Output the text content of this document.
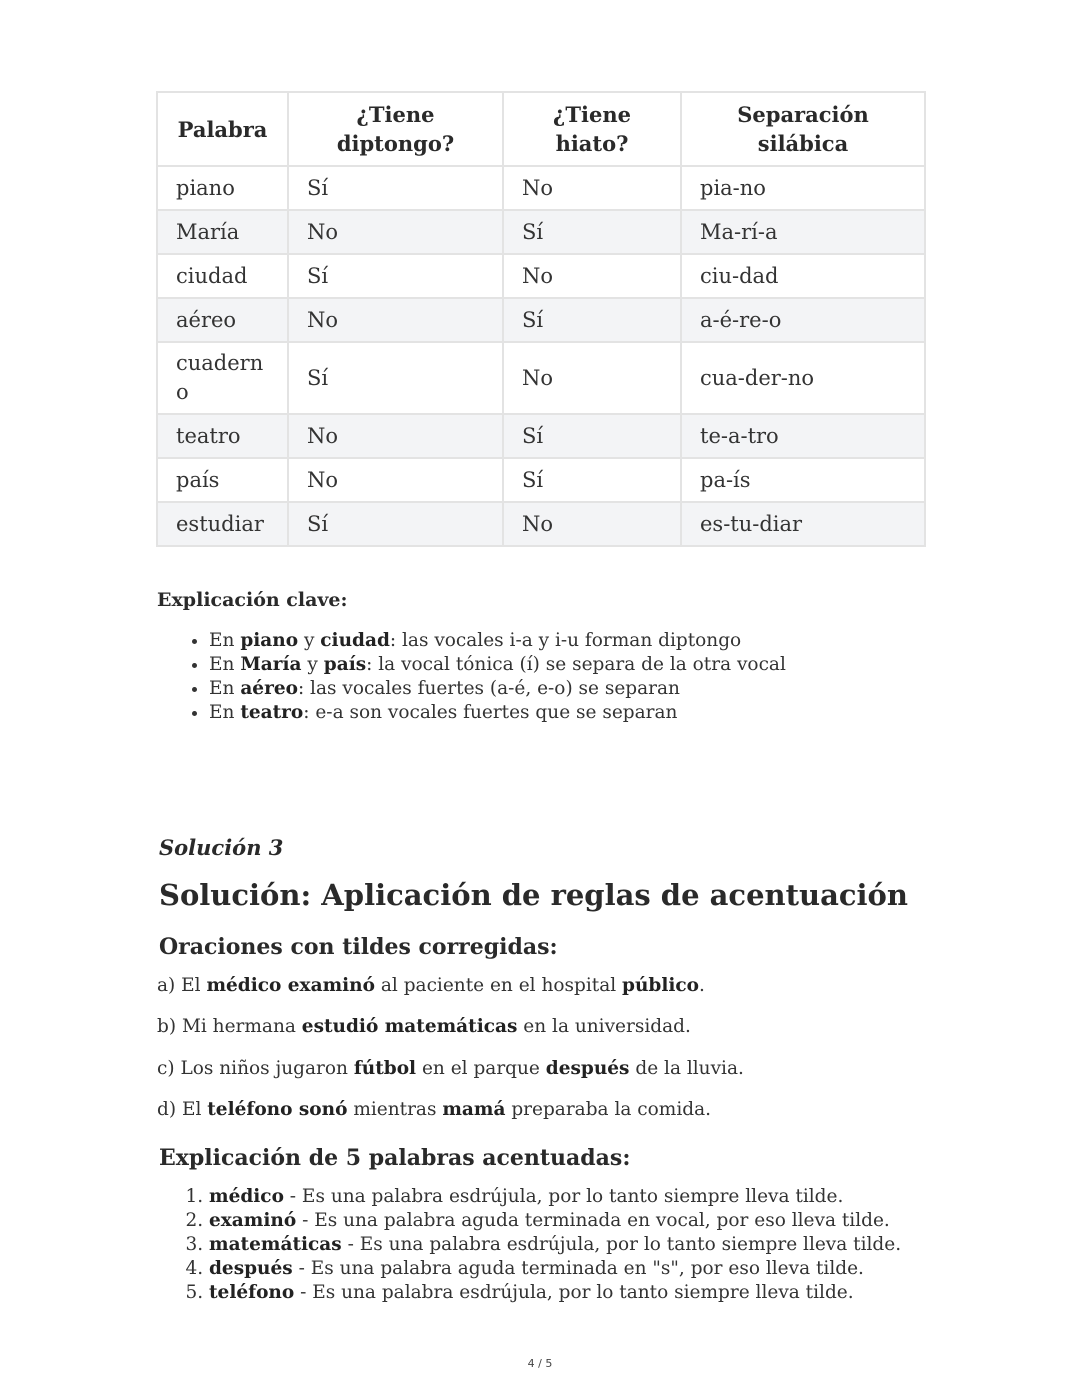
Palabra	¿Tiene diptongo?	¿Tiene hiato?	Separación silábica

piano	Sí	No	pia-no
María	No	Sí	Ma-rí-a
ciudad	Sí	No	ciu-dad
aéreo	No	Sí	a-é-re-o
cuaderno	Sí	No	cua-der-no
teatro	No	Sí	te-a-tro
país	No	Sí	pa-ís
estudiar	Sí	No	es-tu-diar
Explicación clave:
• En piano y ciudad: las vocales i-a y i-u forman diptongo
• En María y país: la vocal tónica (í) se separa de la otra vocal
• En aéreo: las vocales fuertes (a-é, e-o) se separan
• En teatro: e-a son vocales fuertes que se separan
Solución 3
Solución: Aplicación de reglas de acentuación
Oraciones con tildes corregidas:
a) El médico examinó al paciente en el hospital público.
b) Mi hermana estudió matemáticas en la universidad.
c) Los niños jugaron fútbol en el parque después de la lluvia.
d) El teléfono sonó mientras mamá preparaba la comida.
Explicación de 5 palabras acentuadas:
1. médico - Es una palabra esdrújula, por lo tanto siempre lleva tilde.
2. examinó - Es una palabra aguda terminada en vocal, por eso lleva tilde.
3. matemáticas - Es una palabra esdrújula, por lo tanto siempre lleva tilde.
4. después - Es una palabra aguda terminada en "s", por eso lleva tilde.
5. teléfono - Es una palabra esdrújula, por lo tanto siempre lleva tilde.
4 / 5
